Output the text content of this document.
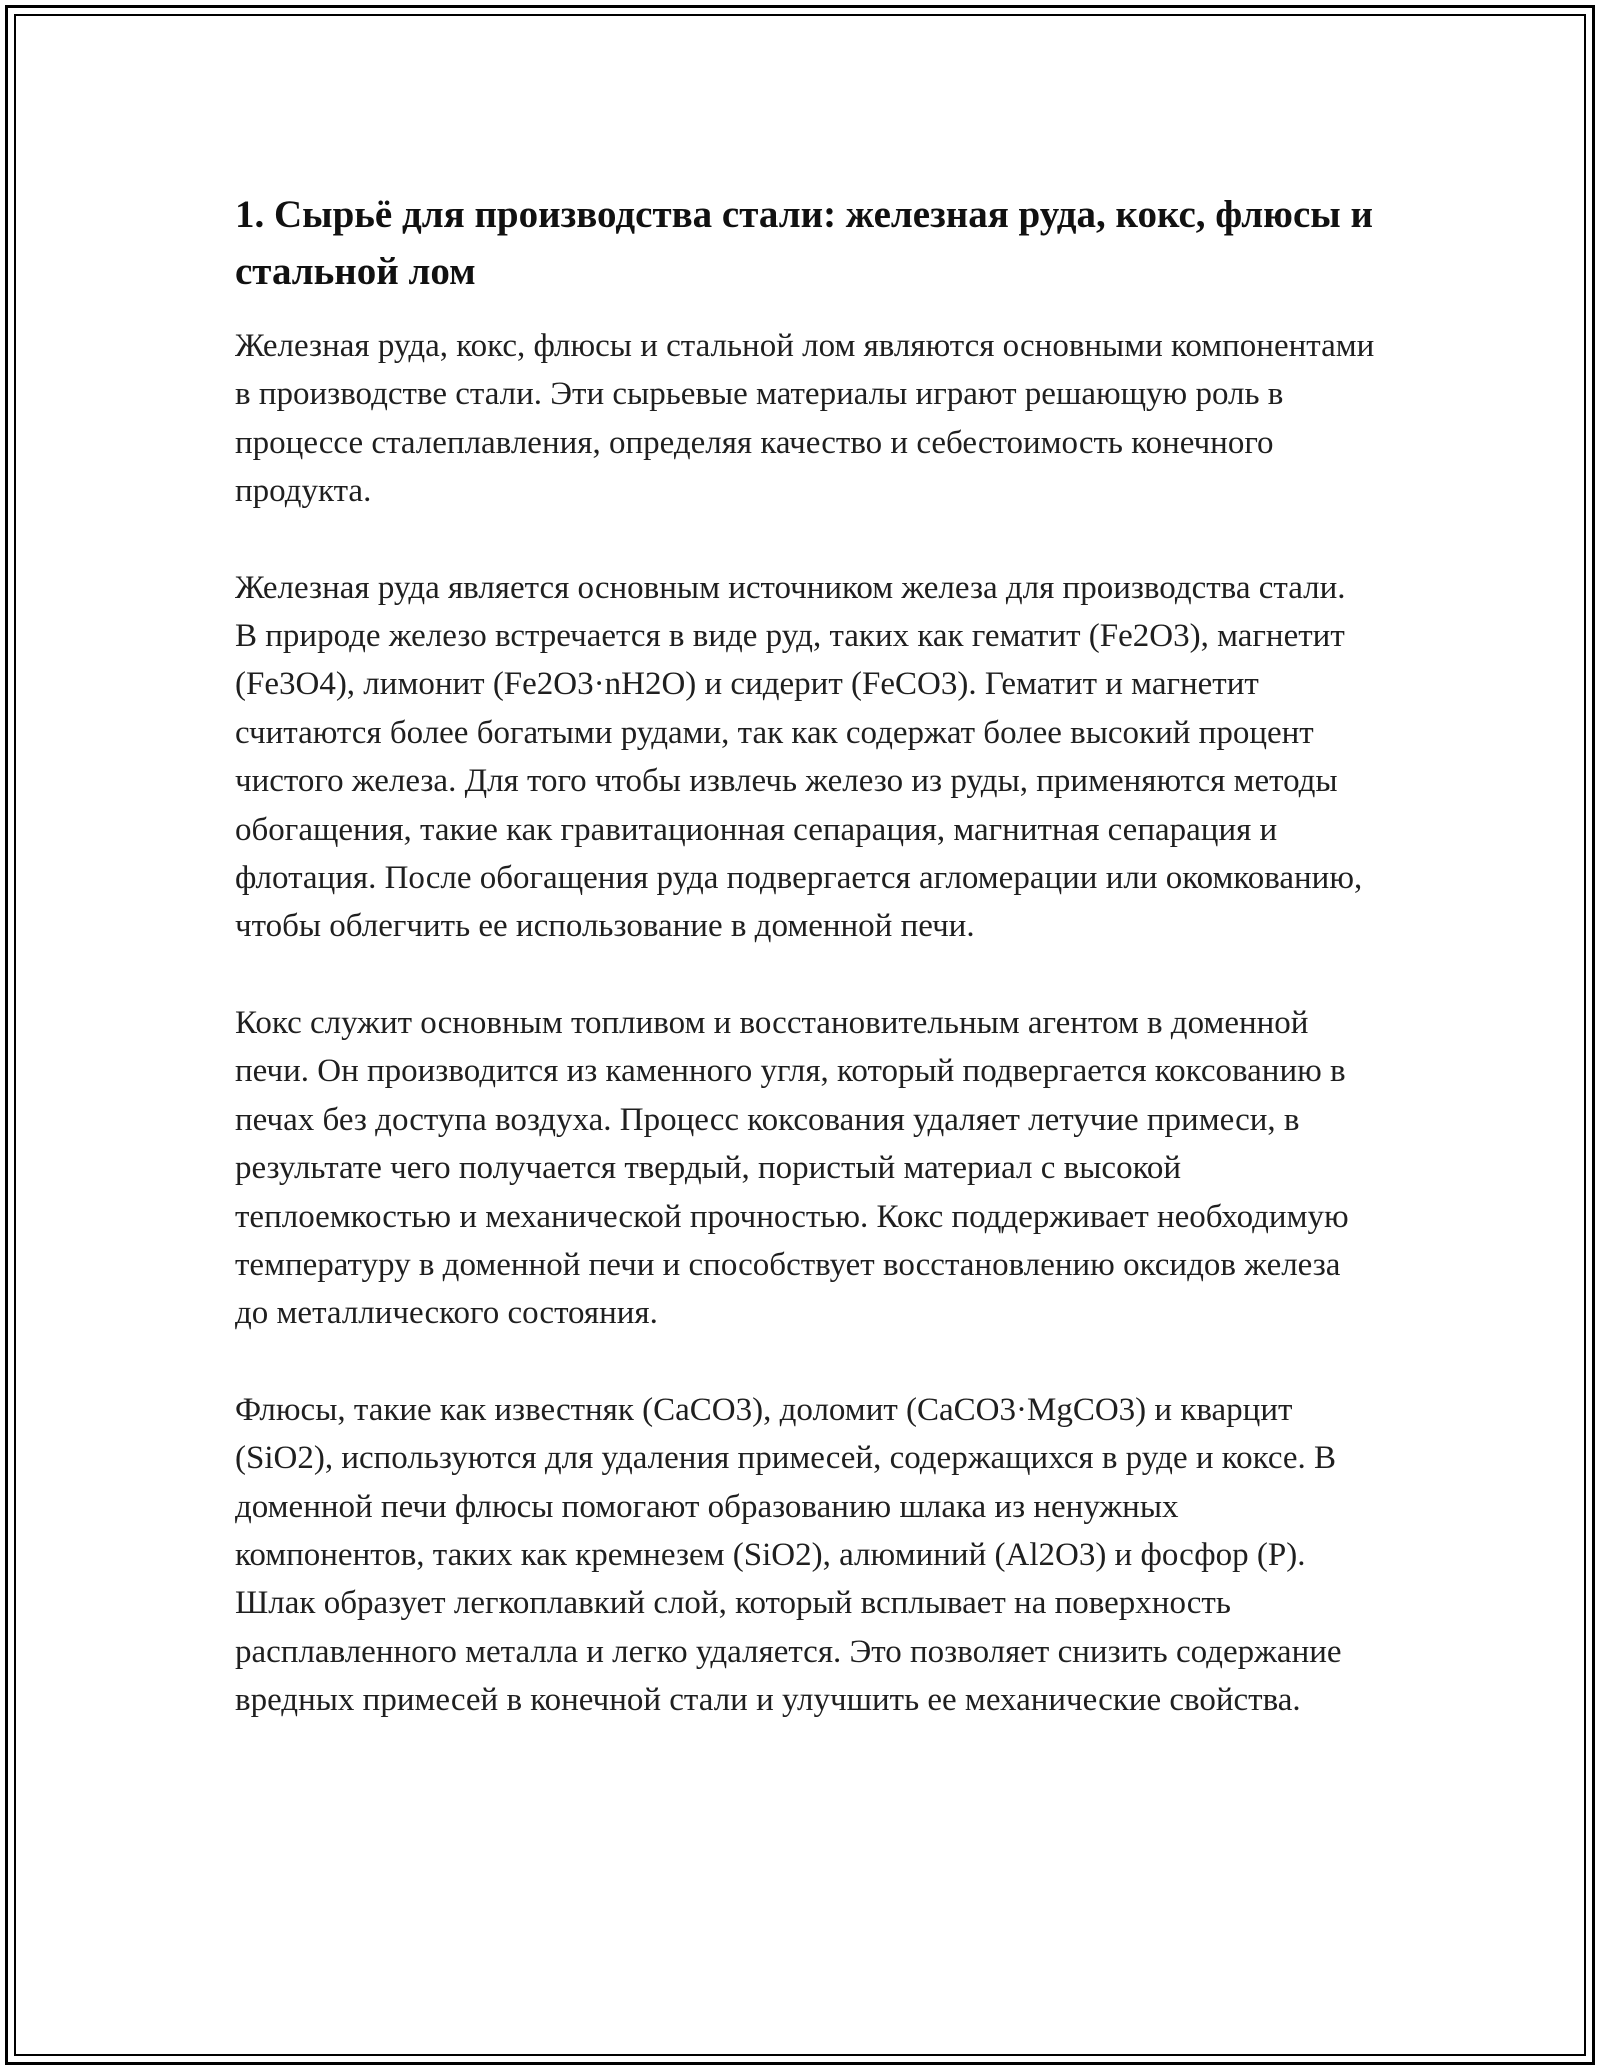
1. Сырьё для производства стали: железная руда, кокс, флюсы и стальной лом

Железная руда, кокс, флюсы и стальной лом являются основными компонентами в производстве стали. Эти сырьевые материалы играют решающую роль в процессе сталеплавления, определяя качество и себестоимость конечного продукта.

Железная руда является основным источником железа для производства стали. В природе железо встречается в виде руд, таких как гематит (Fe2O3), магнетит (Fe3O4), лимонит (Fe2O3·nH2O) и сидерит (FeCO3). Гематит и магнетит считаются более богатыми рудами, так как содержат более высокий процент чистого железа. Для того чтобы извлечь железо из руды, применяются методы обогащения, такие как гравитационная сепарация, магнитная сепарация и флотация. После обогащения руда подвергается агломерации или окомкованию, чтобы облегчить ее использование в доменной печи.

Кокс служит основным топливом и восстановительным агентом в доменной печи. Он производится из каменного угля, который подвергается коксованию в печах без доступа воздуха. Процесс коксования удаляет летучие примеси, в результате чего получается твердый, пористый материал с высокой теплоемкостью и механической прочностью. Кокс поддерживает необходимую температуру в доменной печи и способствует восстановлению оксидов железа до металлического состояния.

Флюсы, такие как известняк (CaCO3), доломит (CaCO3·MgCO3) и кварцит (SiO2), используются для удаления примесей, содержащихся в руде и коксе. В доменной печи флюсы помогают образованию шлака из ненужных компонентов, таких как кремнезем (SiO2), алюминий (Al2O3) и фосфор (P). Шлак образует легкоплавкий слой, который всплывает на поверхность расплавленного металла и легко удаляется. Это позволяет снизить содержание вредных примесей в конечной стали и улучшить ее механические свойства.
